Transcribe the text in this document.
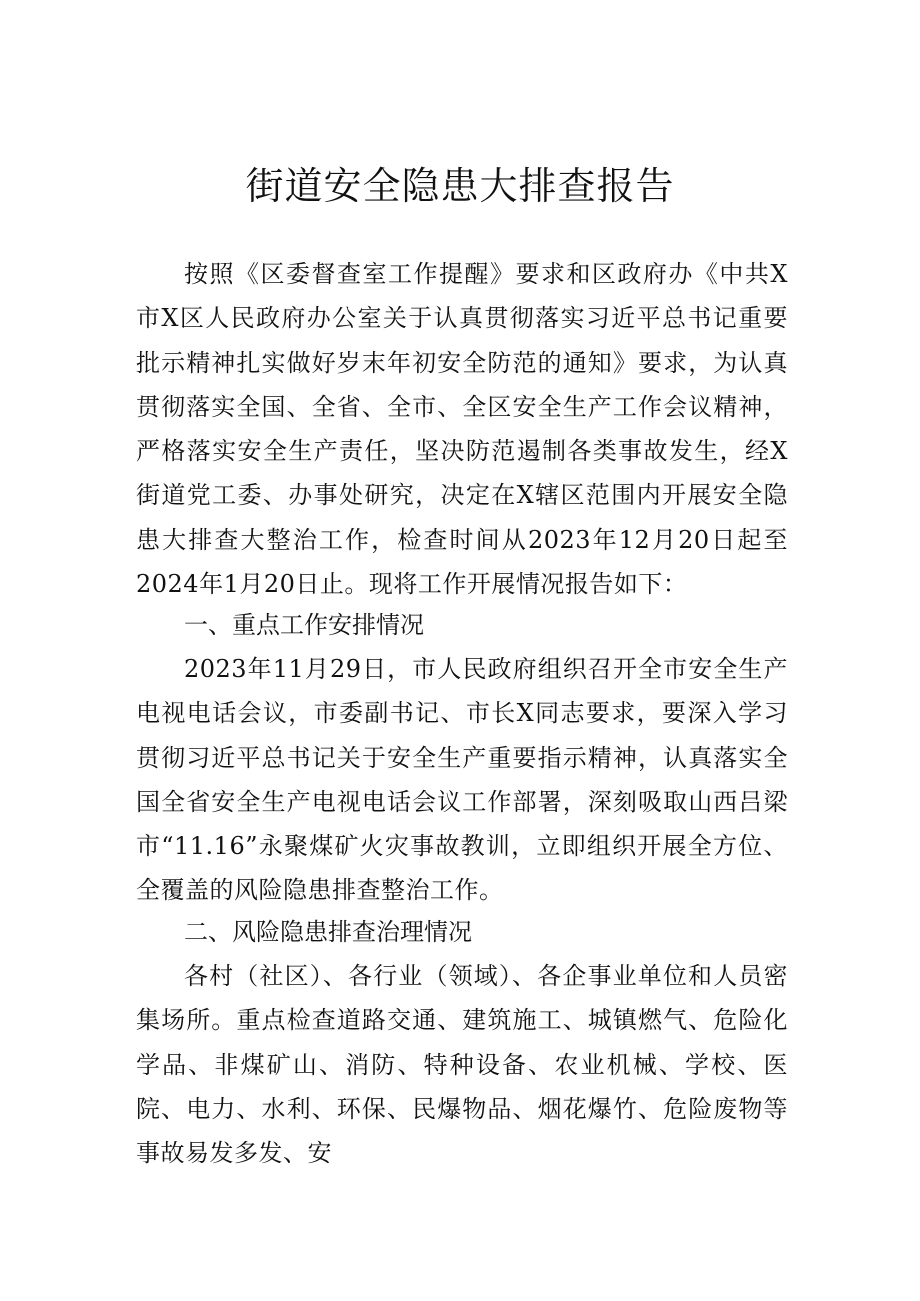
街道安全隐患大排查报告

按照《区委督查室工作提醒》要求和区政府办《中共X市X区人民政府办公室关于认真贯彻落实习近平总书记重要批示精神扎实做好岁末年初安全防范的通知》要求，为认真贯彻落实全国、全省、全市、全区安全生产工作会议精神，严格落实安全生产责任，坚决防范遏制各类事故发生，经X街道党工委、办事处研究，决定在X辖区范围内开展安全隐患大排查大整治工作，检查时间从2023年12月20日起至2024年1月20日止。现将工作开展情况报告如下：

一、重点工作安排情况

2023年11月29日，市人民政府组织召开全市安全生产电视电话会议，市委副书记、市长X同志要求，要深入学习贯彻习近平总书记关于安全生产重要指示精神，认真落实全国全省安全生产电视电话会议工作部署，深刻吸取山西吕梁市“11.16”永聚煤矿火灾事故教训，立即组织开展全方位、全覆盖的风险隐患排查整治工作。

二、风险隐患排查治理情况

各村（社区）、各行业（领域）、各企事业单位和人员密集场所。重点检查道路交通、建筑施工、城镇燃气、危险化学品、非煤矿山、消防、特种设备、农业机械、学校、医院、电力、水利、环保、民爆物品、烟花爆竹、危险废物等事故易发多发、安
